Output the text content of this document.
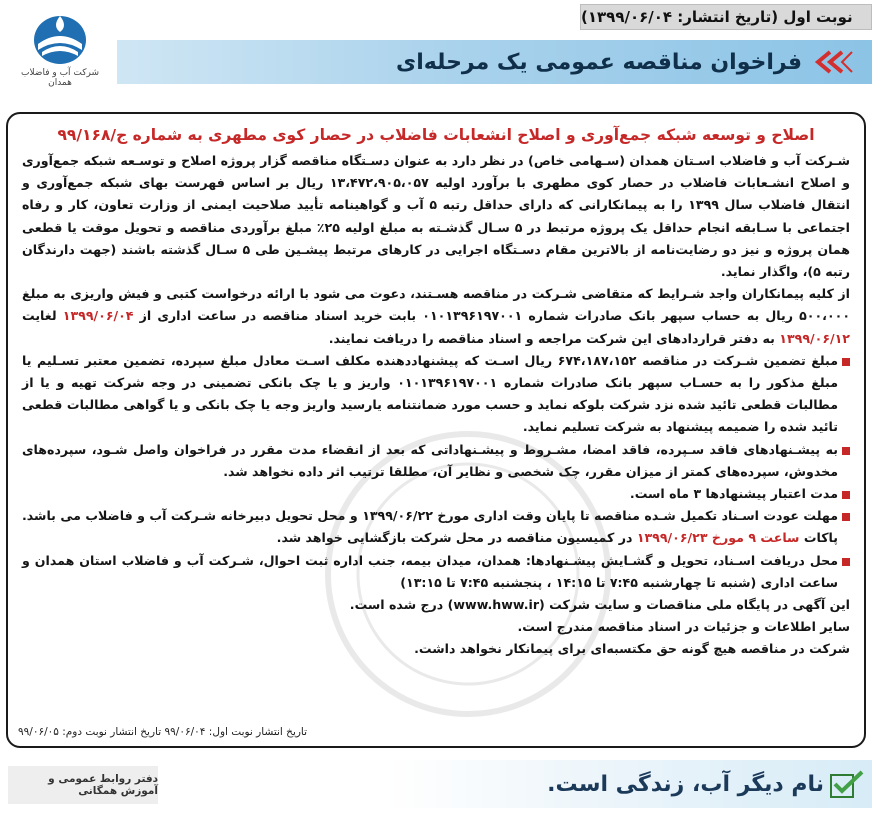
نوبت اول (تاریخ انتشار: ۱۳۹۹/۰۶/۰۴)
فراخوان مناقصه عمومی یک مرحله‌ای
شرکت آب و فاضلاب همدان
اصلاح و توسعه شبکه جمع‌آوری و اصلاح انشعابات فاضلاب در حصار کوی مطهری به شماره ج/۹۹/۱۶۸
شـرکت آب و فاضلاب اسـتان همدان (سـهامی خاص) در نظر دارد به عنوان دسـتگاه مناقصه گزار پروژه اصلاح و توسـعه شبکه جمع‌آوری و اصلاح انشـعابات فاضلاب در حصار کوی مطهری با برآورد اولیه ۱۳،۴۷۲،۹۰۵،۰۵۷ ریال بر اساس فهرست بهای شبکه جمع‌آوری و انتقال فاضلاب سال ۱۳۹۹ را به پیمانکارانی که دارای حداقل رتبه ۵ آب و گواهینامه تأیید صلاحیت ایمنی از وزارت تعاون، کار و رفاه اجتماعی با سـابقه انجام حداقل یک پروژه مرتبط در ۵ سـال گذشـته به مبلغ اولیه ۲۵٪ مبلغ برآوردی مناقصه و تحویل موقت یا قطعی همان پروژه و نیز دو رضایت‌نامه از بالاترین مقام دسـتگاه اجرایی در کارهای مرتبط پیشـین طی ۵ سـال گذشته باشند (جهت دارندگان رتبه ۵)، واگذار نماید.
از کلیه پیمانکاران واجد شـرایط که متقاضی شـرکت در مناقصه هسـتند، دعوت می شود با ارائه درخواست کتبی و فیش واریزی به مبلغ ۵۰۰،۰۰۰ ریال به حساب سپهر بانک صادرات شماره ۰۱۰۱۳۹۶۱۹۷۰۰۱ بابت خرید اسناد مناقصه در ساعت اداری از ۱۳۹۹/۰۶/۰۴ لغایت ۱۳۹۹/۰۶/۱۲ به دفتر قراردادهای این شرکت مراجعه و اسناد مناقصه را دریافت نمایند.
مبلغ تضمین شـرکت در مناقصه ۶۷۴،۱۸۷،۱۵۲ ریال اسـت که پیشنهاددهنده مکلف اسـت معادل مبلغ سپرده، تضمین معتبر تسـلیم یا مبلغ مذکور را به حسـاب سپهر بانک صادرات شماره ۰۱۰۱۳۹۶۱۹۷۰۰۱ واریز و یا چک بانکی تضمینی در وجه شرکت تهیه و یا از مطالبات قطعی تائید شده نزد شرکت بلوکه نماید و حسب مورد ضمانتنامه یارسید واریز وجه یا چک بانکی و یا گواهی مطالبات قطعی تائید شده را ضمیمه پیشنهاد به شرکت تسلیم نماید.
به پیشـنهادهای فاقد سـپرده، فاقد امضا، مشـروط و پیشـنهاداتی که بعد از انقضاء مدت مقرر در فراخوان واصل شـود، سپرده‌های مخدوش، سپرده‌های کمتر از میزان مقرر، چک شخصی و نظایر آن، مطلقا ترتیب اثر داده نخواهد شد.
مدت اعتبار پیشنهادها ۳ ماه است.
مهلت عودت اسـناد تکمیل شـده مناقصه تا پایان وقت اداری مورخ ۱۳۹۹/۰۶/۲۲ و محل تحویل دبیرخانه شـرکت آب و فاضلاب می باشد. پاکات ساعت ۹ مورخ ۱۳۹۹/۰۶/۲۳ در کمیسیون مناقصه در محل شرکت بازگشایی خواهد شد.
محل دریافت اسـناد، تحویل و گشـایش پیشـنهادها: همدان، میدان بیمه، جنب اداره ثبت احوال، شـرکت آب و فاضلاب استان همدان و ساعت اداری (شنبه تا چهارشنبه ۷:۴۵ تا ۱۴:۱۵ ، پنجشنبه ۷:۴۵ تا ۱۳:۱۵)
این آگهی در پایگاه ملی مناقصات و سایت شرکت (www.hww.ir) درج شده است.
سایر اطلاعات و جزئیات در اسناد مناقصه مندرج است.
شرکت در مناقصه هیچ گونه حق مکتسبه‌ای برای پیمانکار نخواهد داشت.
تاریخ انتشار نوبت اول: ۹۹/۰۶/۰۴ تاریخ انتشار نوبت دوم: ۹۹/۰۶/۰۵
دفتر روابط عمومی و آموزش همگانی	نام دیگر آب، زندگی است.
